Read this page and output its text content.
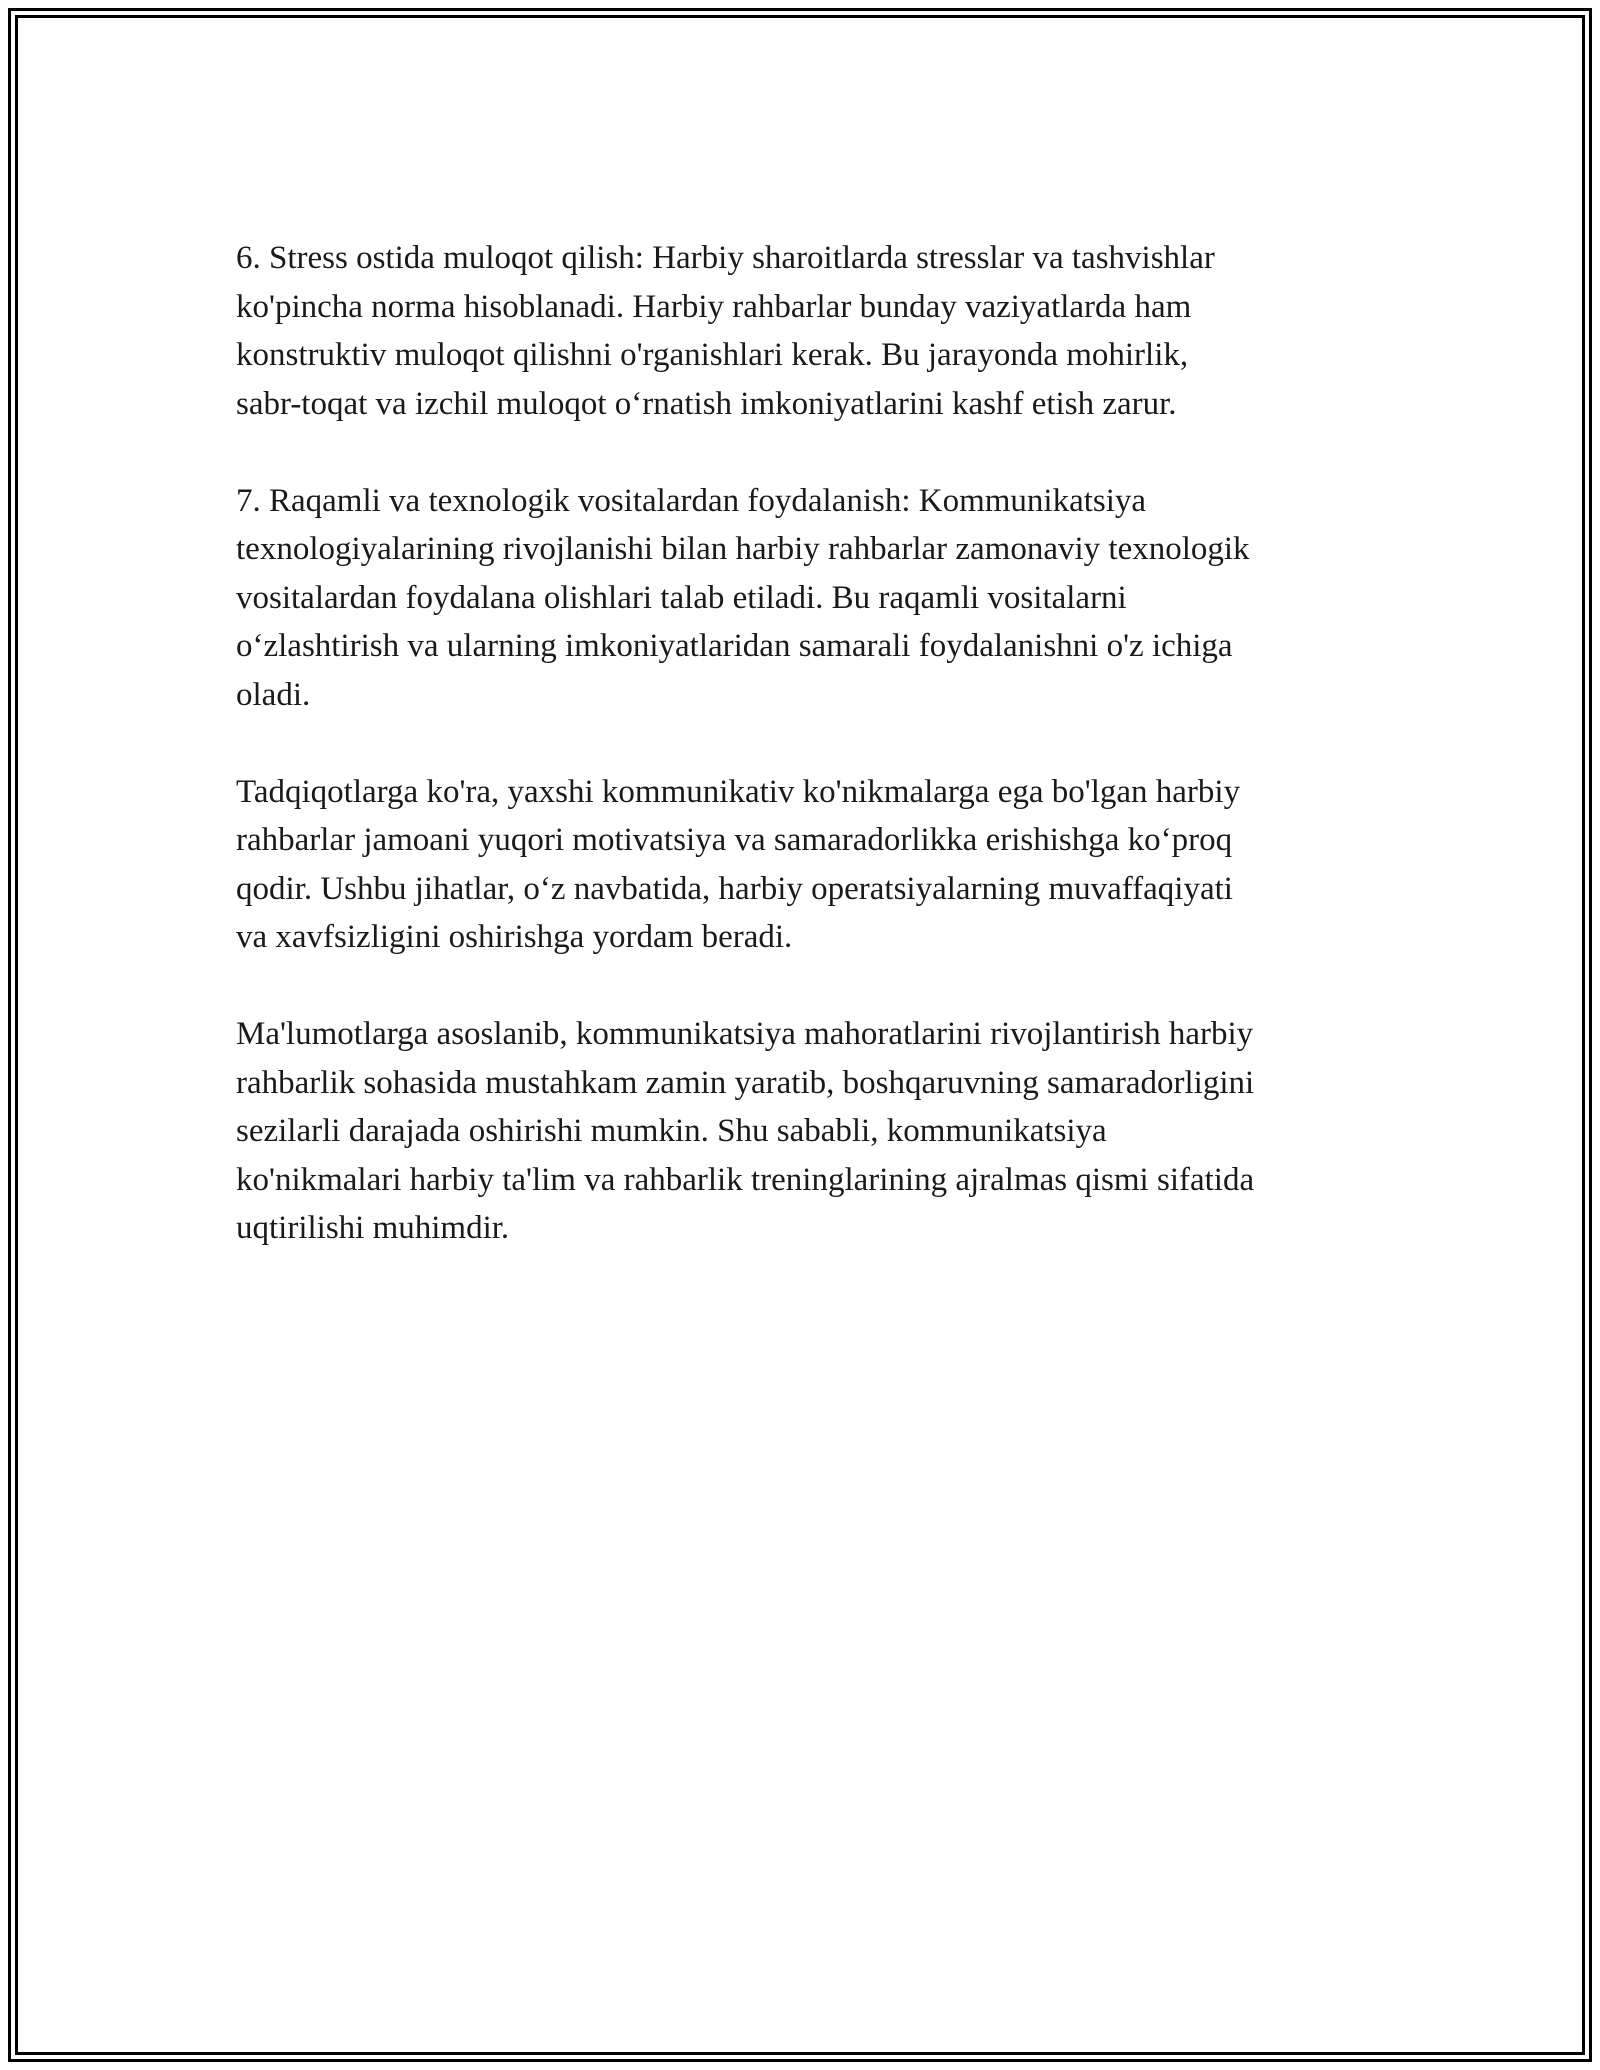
6. Stress ostida muloqot qilish: Harbiy sharoitlarda stresslar va tashvishlar
ko'pincha norma hisoblanadi. Harbiy rahbarlar bunday vaziyatlarda ham
konstruktiv muloqot qilishni o'rganishlari kerak. Bu jarayonda mohirlik,
sabr-toqat va izchil muloqot o‘rnatish imkoniyatlarini kashf etish zarur.

7. Raqamli va texnologik vositalardan foydalanish: Kommunikatsiya
texnologiyalarining rivojlanishi bilan harbiy rahbarlar zamonaviy texnologik
vositalardan foydalana olishlari talab etiladi. Bu raqamli vositalarni
o‘zlashtirish va ularning imkoniyatlaridan samarali foydalanishni o'z ichiga
oladi.

Tadqiqotlarga ko'ra, yaxshi kommunikativ ko'nikmalarga ega bo'lgan harbiy
rahbarlar jamoani yuqori motivatsiya va samaradorlikka erishishga ko‘proq
qodir. Ushbu jihatlar, o‘z navbatida, harbiy operatsiyalarning muvaffaqiyati
va xavfsizligini oshirishga yordam beradi.

Ma'lumotlarga asoslanib, kommunikatsiya mahoratlarini rivojlantirish harbiy
rahbarlik sohasida mustahkam zamin yaratib, boshqaruvning samaradorligini
sezilarli darajada oshirishi mumkin. Shu sababli, kommunikatsiya
ko'nikmalari harbiy ta'lim va rahbarlik treninglarining ajralmas qismi sifatida
uqtirilishi muhimdir.
